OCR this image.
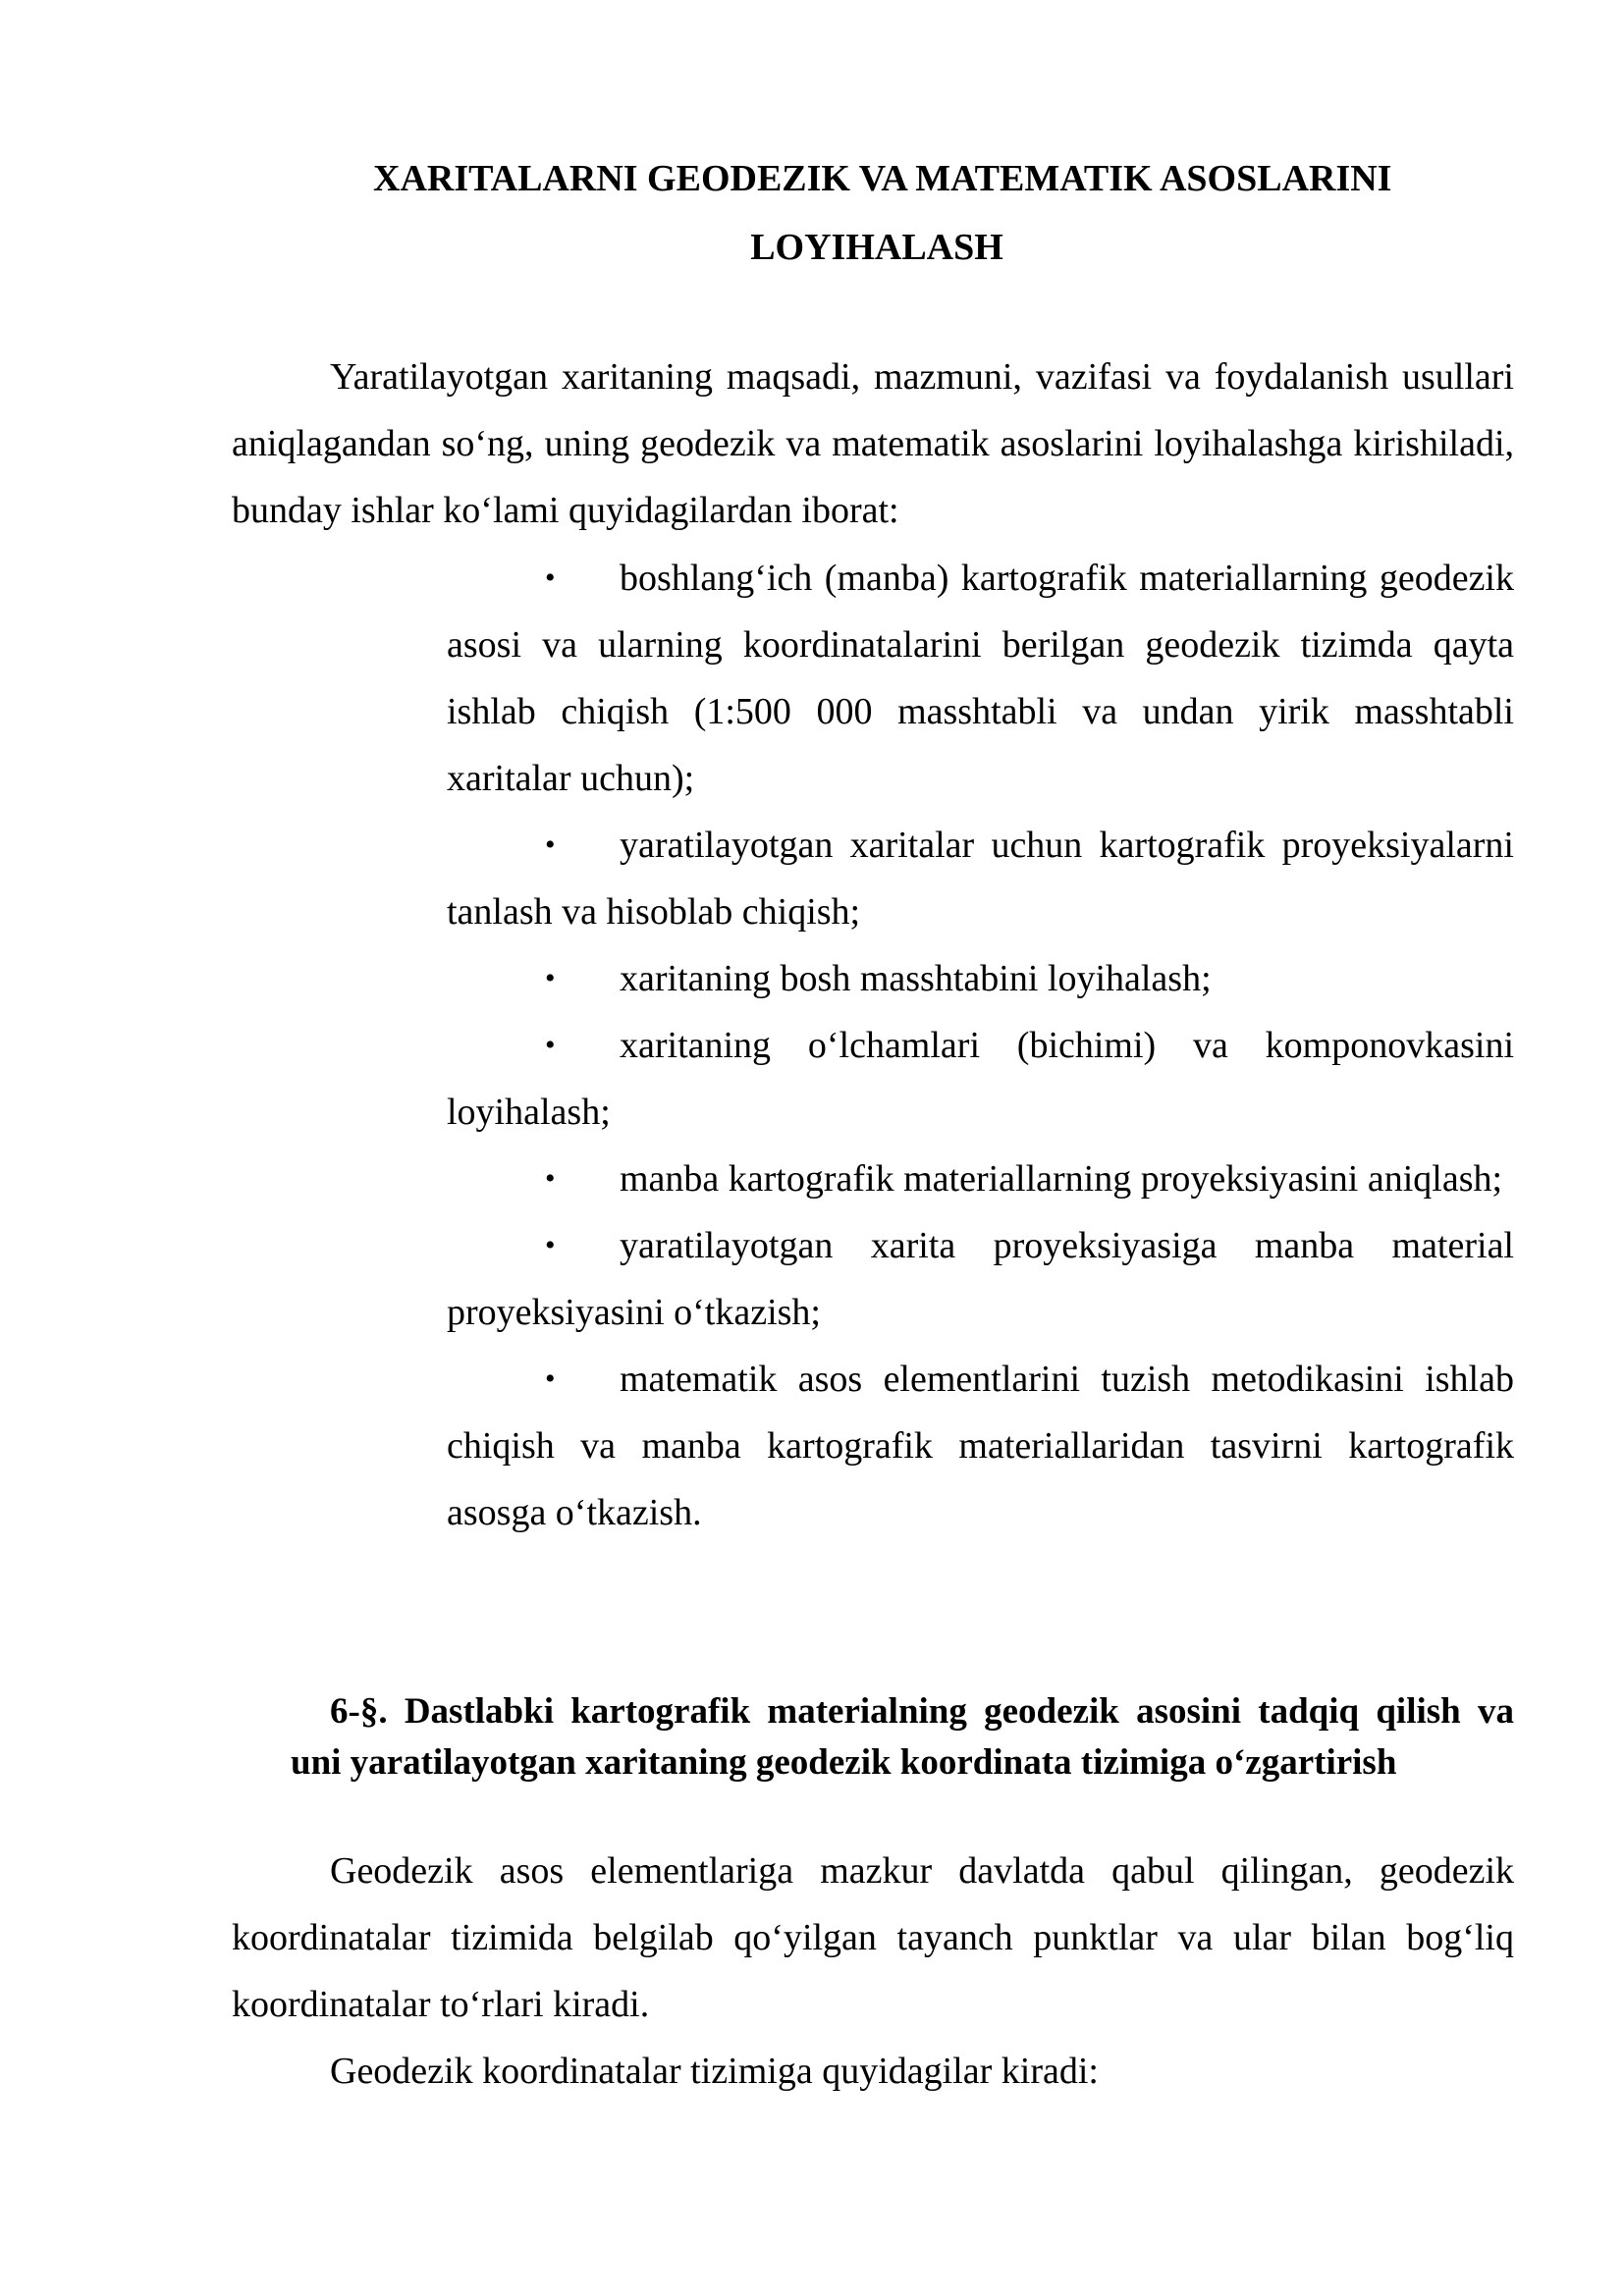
XARITALARNI GEODEZIK VA MATEMATIK ASOSLARINI
LOYIHALASH

Yaratilayotgan xaritaning maqsadi, mazmuni, vazifasi va foydalanish usullari aniqlagandan so‘ng, uning geodezik va matematik asoslarini loyihalashga kirishiladi, bunday ishlar ko‘lami quyidagilardan iborat:

•	boshlang‘ich (manba) kartografik materiallarning geodezik asosi va ularning koordinatalarini berilgan geodezik tizimda qayta ishlab chiqish (1:500 000 masshtabli va undan yirik masshtabli xaritalar uchun);
•	yaratilayotgan xaritalar uchun kartografik proyeksiyalarni tanlash va hisoblab chiqish;
•	xaritaning bosh masshtabini loyihalash;
•	xaritaning o‘lchamlari (bichimi) va komponovkasini loyihalash;
•	manba kartografik materiallarning proyeksiyasini aniqlash;
•	yaratilayotgan xarita proyeksiyasiga manba material proyeksiyasini o‘tkazish;
•	matematik asos elementlarini tuzish metodikasini ishlab chiqish va manba kartografik materiallaridan tasvirni kartografik asosga o‘tkazish.
6-§. Dastlabki kartografik materialning geodezik asosini tadqiq qilish va
uni yaratilayotgan xaritaning geodezik koordinata tizimiga o‘zgartirish

Geodezik asos elementlariga mazkur davlatda qabul qilingan, geodezik koordinatalar tizimida belgilab qo‘yilgan tayanch punktlar va ular bilan bog‘liq koordinatalar to‘rlari kiradi.

Geodezik koordinatalar tizimiga quyidagilar kiradi:
